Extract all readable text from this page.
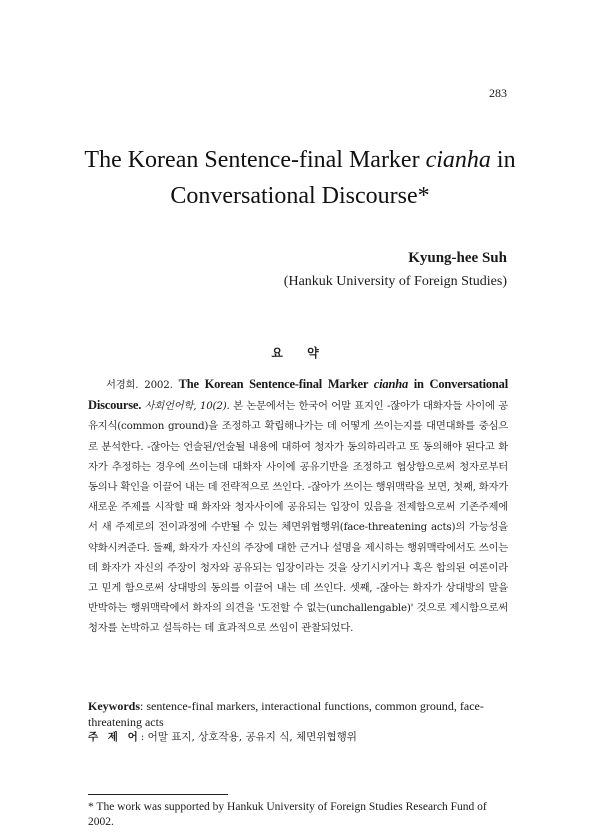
283
The Korean Sentence-final Marker cianha in
Conversational Discourse*
Kyung-hee Suh
(Hankuk University of Foreign Studies)
요 약

서경희. 2002. The Korean Sentence-final Marker cianha in Conversational Discourse. 사회언어학, 10(2). 본 논문에서는 한국어 어말 표지인 -잖아가 대화자들 사이에 공유지식(common ground)을 조정하고 확립해나가는 데 어떻게 쓰이는지를 대면대화를 중심으로 분석한다. -잖아는 언술된/언술될 내용에 대하여 청자가 동의하리라고 또 동의해야 된다고 화자가 추정하는 경우에 쓰이는데 대화자 사이에 공유기반을 조정하고 협상함으로써 청자로부터 동의나 확인을 이끌어 내는 데 전략적으로 쓰인다. -잖아가 쓰이는 행위맥락을 보면, 첫째, 화자가 새로운 주제를 시작할 때 화자와 청자사이에 공유되는 입장이 있음을 전제함으로써 기존주제에서 새 주제로의 전이과정에 수반될 수 있는 체면위협행위(face-threatening acts)의 가능성을 약화시켜준다. 둘째, 화자가 자신의 주장에 대한 근거나 설명을 제시하는 행위맥락에서도 쓰이는데 화자가 자신의 주장이 청자와 공유되는 입장이라는 것을 상기시키거나 혹은 합의된 여론이라고 믿게 함으로써 상대방의 동의를 이끌어 내는 데 쓰인다. 셋째, -잖아는 화자가 상대방의 말을 반박하는 행위맥락에서 화자의 의견을 '도전할 수 없는(unchallengable)' 것으로 제시함으로써 청자를 논박하고 설득하는 데 효과적으로 쓰임이 관찰되었다.

Keywords: sentence-final markers, interactional functions, common ground, face-threatening acts
주 제 어: 어말 표지, 상호작용, 공유지 식, 체면위협행위
* The work was supported by Hankuk University of Foreign Studies Research Fund of 2002.
